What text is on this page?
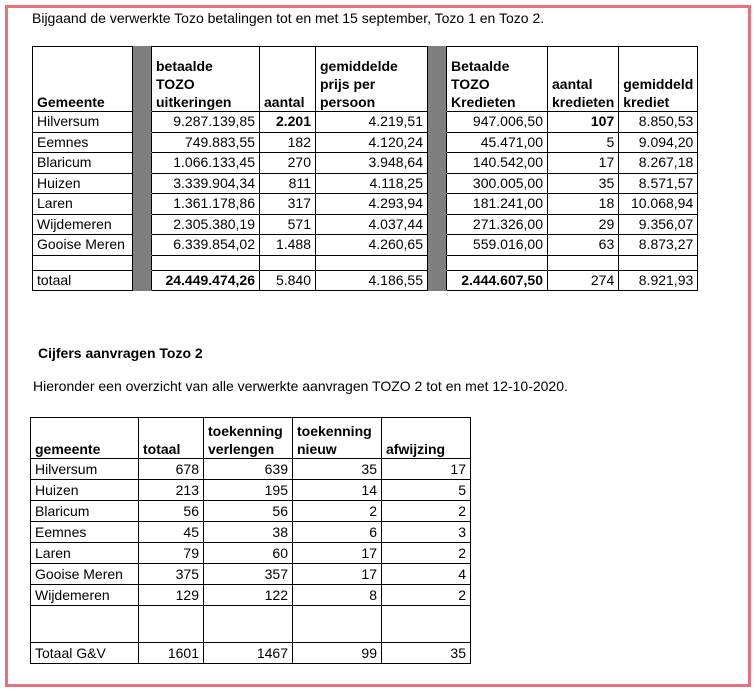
Bijgaand de verwerkte Tozo betalingen tot en met 15 september, Tozo 1 en Tozo 2.
Gemeente		betaalde TOZO uitkeringen	aantal	gemiddelde prijs per persoon		Betaalde TOZO Kredieten	aantal kredieten	gemiddeld krediet
Hilversum		9.287.139,85	2.201	4.219,51		947.006,50	107	8.850,53
Eemnes		749.883,55	182	4.120,24		45.471,00	5	9.094,20
Blaricum		1.066.133,45	270	3.948,64		140.542,00	17	8.267,18
Huizen		3.339.904,34	811	4.118,25		300.005,00	35	8.571,57
Laren		1.361.178,86	317	4.293,94		181.241,00	18	10.068,94
Wijdemeren		2.305.380,19	571	4.037,44		271.326,00	29	9.356,07
Gooise Meren		6.339.854,02	1.488	4.260,65		559.016,00	63	8.873,27

totaal		24.449.474,26	5.840	4.186,55		2.444.607,50	274	8.921,93
Cijfers aanvragen Tozo 2
Hieronder een overzicht van alle verwerkte aanvragen TOZO 2 tot en met 12-10-2020.
gemeente	totaal	toekenning verlengen	toekenning nieuw	afwijzing
Hilversum	678	639	35	17
Huizen	213	195	14	5
Blaricum	56	56	2	2
Eemnes	45	38	6	3
Laren	79	60	17	2
Gooise Meren	375	357	17	4
Wijdemeren	129	122	8	2

Totaal G&V	1601	1467	99	35
